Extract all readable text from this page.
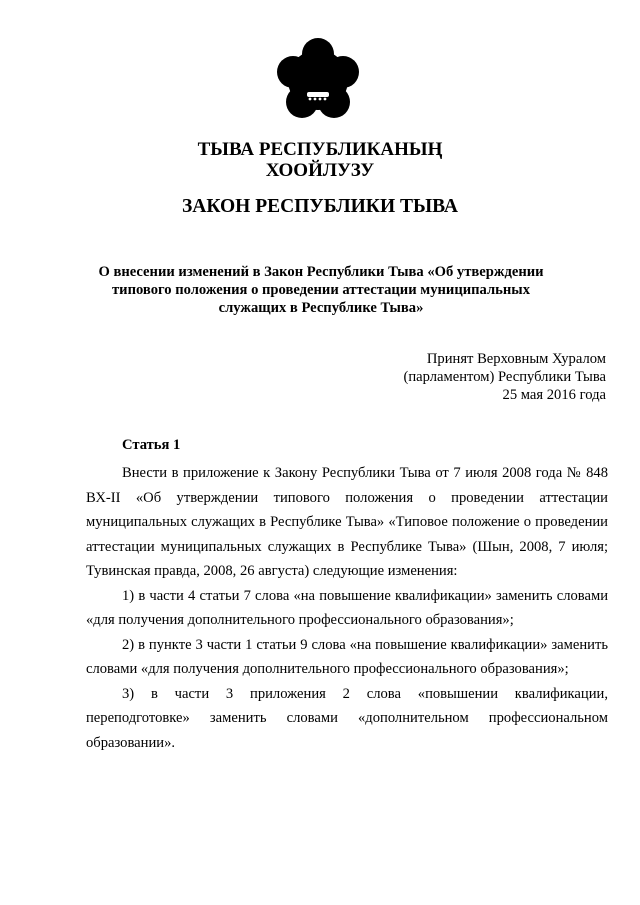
ТЫВА РЕСПУБЛИКАНЫҢ
ХООЙЛУЗУ
ЗАКОН РЕСПУБЛИКИ ТЫВА
О внесении изменений в Закон Республики Тыва «Об утверждении типового положения о проведении аттестации муниципальных служащих в Республике Тыва»
Принят Верховным Хуралом
(парламентом) Республики Тыва
25 мая 2016 года
Статья 1

Внести в приложение к Закону Республики Тыва от 7 июля 2008 года № 848 ВХ-II «Об утверждении типового положения о проведении аттестации муниципальных служащих в Республике Тыва» «Типовое положение о проведении аттестации муниципальных служащих в Республике Тыва» (Шын, 2008, 7 июля; Тувинская правда, 2008, 26 августа) следующие изменения:

1) в части 4 статьи 7 слова «на повышение квалификации» заменить словами «для получения дополнительного профессионального образования»;

2) в пункте 3 части 1 статьи 9 слова «на повышение квалификации» заменить словами «для получения дополнительного профессионального образования»;

3) в части 3 приложения 2 слова «повышении квалификации, переподготовке» заменить словами «дополнительном профессиональном образовании».
